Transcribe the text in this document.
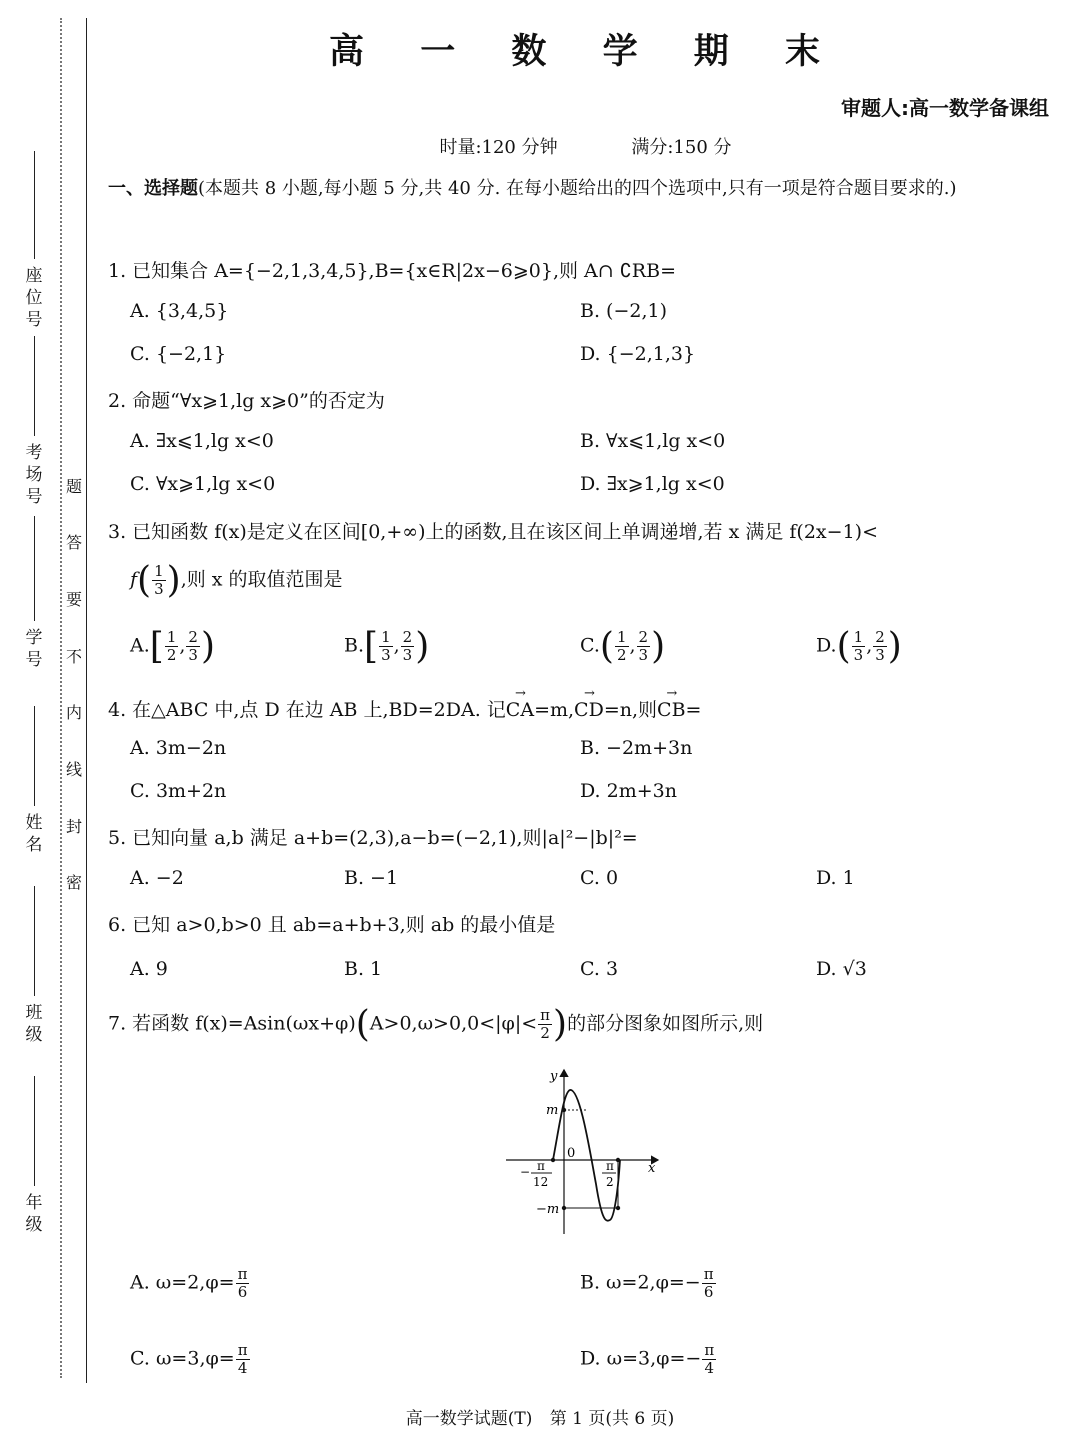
座位号
考场号
学 号
姓 名
班 级
年 级
题
答
要
不
内
线
封
密
高 一 数 学 期 末
审题人:高一数学备课组
时量:120 分钟	满分:150 分
一、选择题(本题共 8 小题,每小题 5 分,共 40 分. 在每小题给出的四个选项中,只有一项是符合题目要求的.)
1. 已知集合 A={−2,1,3,4,5},B={x∈R|2x−6⩾0},则 A∩ ∁RB=
A. {3,4,5}	B. (−2,1)
C. {−2,1}	D. {−2,1,3}
2. 命题“∀x⩾1,lg x⩾0”的否定为
A. ∃x⩽1,lg x<0	B. ∀x⩽1,lg x<0
C. ∀x⩾1,lg x<0	D. ∃x⩾1,lg x<0
3. 已知函数 f(x)是定义在区间[0,+∞)上的函数,且在该区间上单调递增,若 x 满足 f(2x−1)<
$f( \frac{1}{3}$ ),则 x 的取值范围是
$A.[ \frac{1}{2}$ , $\frac{2}{3}$ )	$B.[ \frac{1}{3}$ , $\frac{2}{3}$ )	$C.( \frac{1}{2}$ , $\frac{2}{3}$ )	$D.( \frac{1}{3}$ , $\frac{2}{3}$ )
4. 在△ABC 中,点 D 在边 AB 上,BD=2DA. 记→ CA=m,→ CD=n,则→ CB=
A. 3m−2n	B. −2m+3n
C. 3m+2n	D. 2m+3n
5. 已知向量 a,b 满足 a+b=(2,3),a−b=(−2,1),则|a|²−|b|²=
A. −2	B. −1	C. 0	D. 1
6. 已知 a>0,b>0 且 ab=a+b+3,则 ab 的最小值是
A. 9	B. 1	C. 3	D. √3
7. 若函数 $f(x)=Asin(\omega x+\varphi)(A>0,\omega>0,0<|\varphi|< \frac{\pi}{2}$ )的部分图象如图所示,则
A. $\omega=2,\varphi= \frac{\pi}{6}$	B. $\omega=2,\varphi=- \frac{\pi}{6}$
C. $\omega=3,\varphi= \frac{\pi}{4}$	D. $\omega=3,\varphi=- \frac{\pi}{4}$
y
x
0
m
−m
− π
12
π
2
高一数学试题(T) 第 1 页(共 6 页)
